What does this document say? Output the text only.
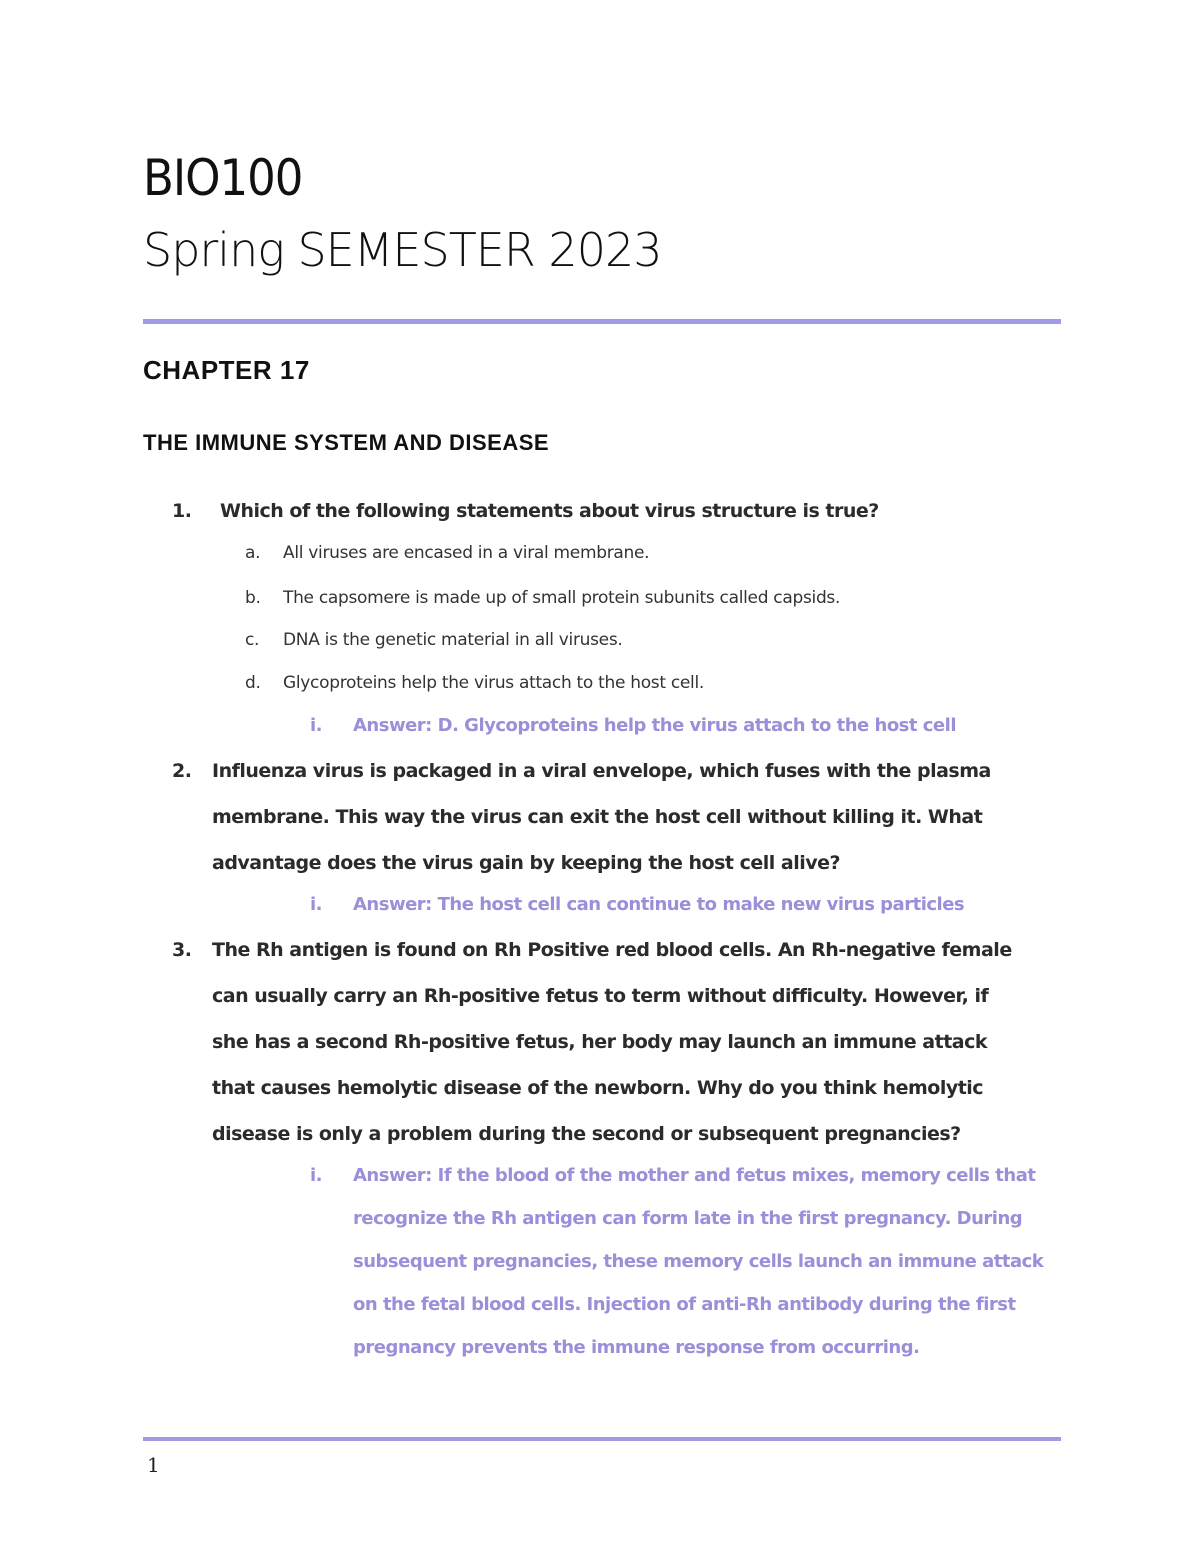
BIO100
Spring SEMESTER 2023
CHAPTER 17
THE IMMUNE SYSTEM AND DISEASE
1. Which of the following statements about virus structure is true?
a. All viruses are encased in a viral membrane.
b. The capsomere is made up of small protein subunits called capsids.
c. DNA is the genetic material in all viruses.
d. Glycoproteins help the virus attach to the host cell.
i. Answer: D. Glycoproteins help the virus attach to the host cell
2. Influenza virus is packaged in a viral envelope, which fuses with the plasma
membrane. This way the virus can exit the host cell without killing it. What
advantage does the virus gain by keeping the host cell alive?
i. Answer: The host cell can continue to make new virus particles
3. The Rh antigen is found on Rh Positive red blood cells. An Rh-negative female
can usually carry an Rh-positive fetus to term without difficulty. However, if
she has a second Rh-positive fetus, her body may launch an immune attack
that causes hemolytic disease of the newborn. Why do you think hemolytic
disease is only a problem during the second or subsequent pregnancies?
i. Answer: If the blood of the mother and fetus mixes, memory cells that
recognize the Rh antigen can form late in the first pregnancy. During
subsequent pregnancies, these memory cells launch an immune attack
on the fetal blood cells. Injection of anti-Rh antibody during the first
pregnancy prevents the immune response from occurring.
1
